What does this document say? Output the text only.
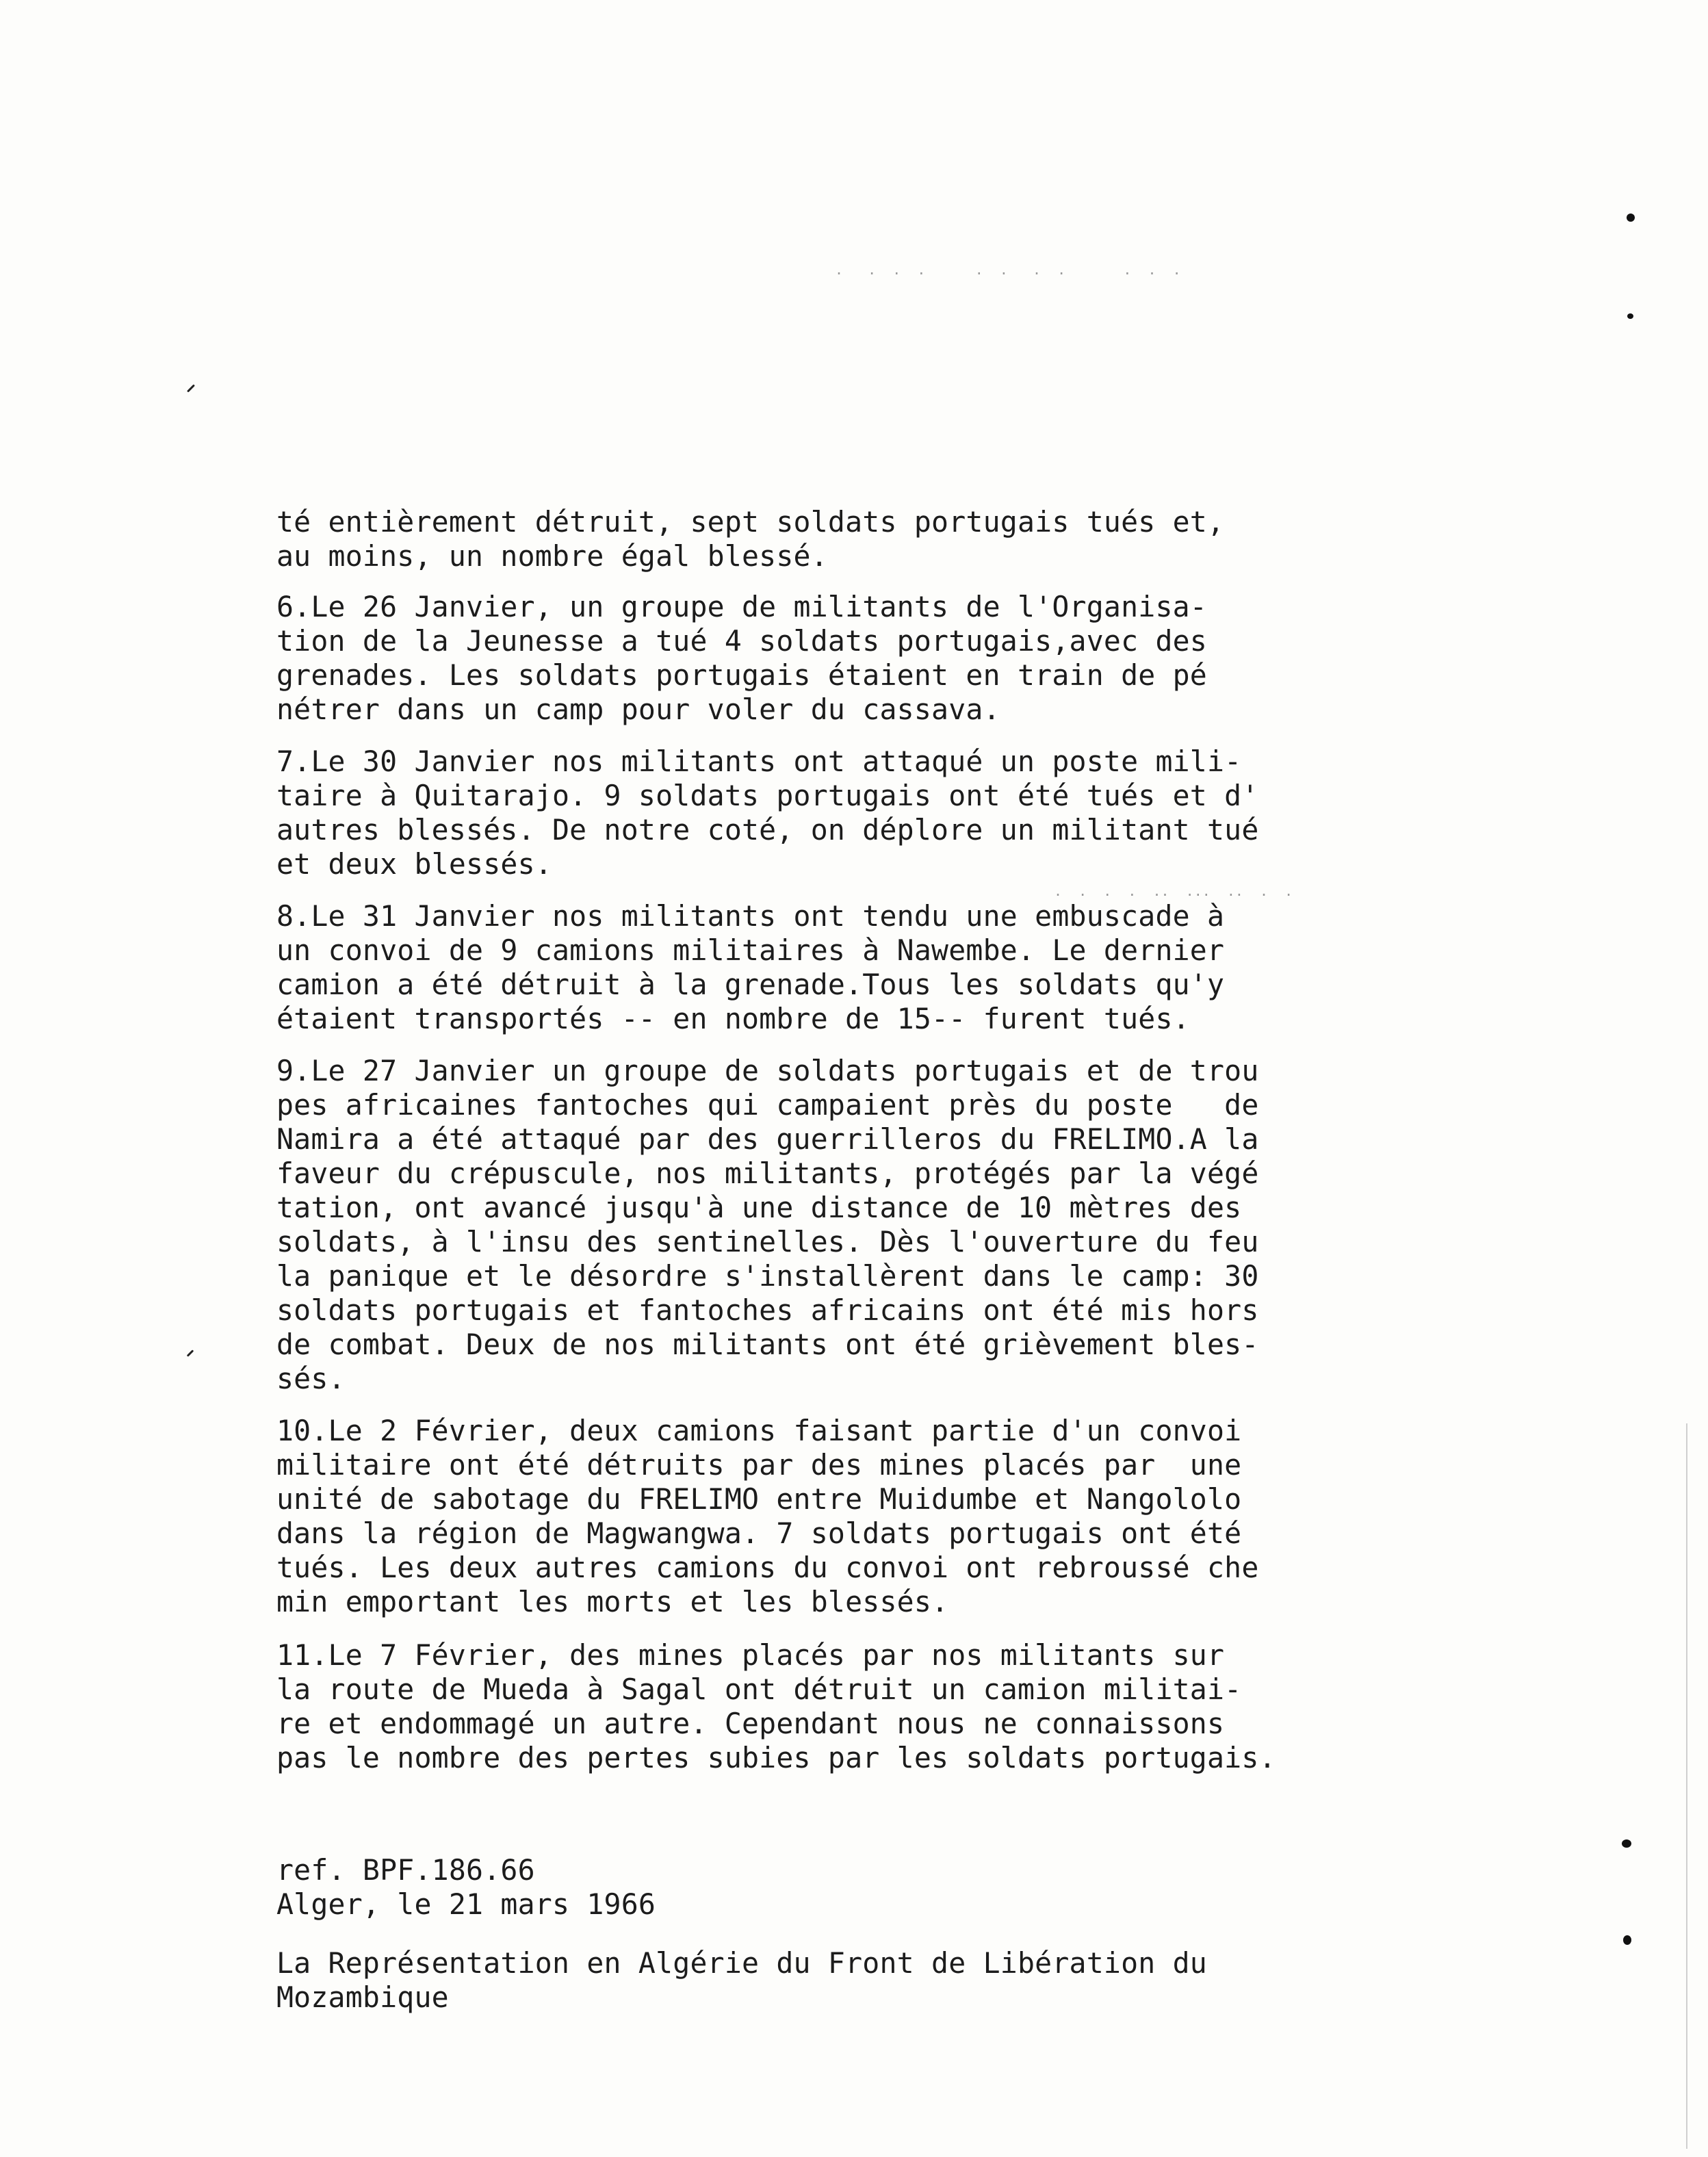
.   .  .  .      .  .   .  .       .  .  .
.  .  .  .  ..  ...  ..  .  .
té entièrement détruit, sept soldats portugais tués et,
au moins, un nombre égal blessé.
6.Le 26 Janvier, un groupe de militants de l'Organisa-
tion de la Jeunesse a tué 4 soldats portugais,avec des
grenades. Les soldats portugais étaient en train de pé
nétrer dans un camp pour voler du cassava.
7.Le 30 Janvier nos militants ont attaqué un poste mili-
taire à Quitarajo. 9 soldats portugais ont été tués et d'
autres blessés. De notre coté, on déplore un militant tué
et deux blessés.
8.Le 31 Janvier nos militants ont tendu une embuscade à
un convoi de 9 camions militaires à Nawembe. Le dernier
camion a été détruit à la grenade.Tous les soldats qu'y
étaient transportés -- en nombre de 15-- furent tués.
9.Le 27 Janvier un groupe de soldats portugais et de trou
pes africaines fantoches qui campaient près du poste   de
Namira a été attaqué par des guerrilleros du FRELIMO.A la
faveur du crépuscule, nos militants, protégés par la végé
tation, ont avancé jusqu'à une distance de 10 mètres des
soldats, à l'insu des sentinelles. Dès l'ouverture du feu
la panique et le désordre s'installèrent dans le camp: 30
soldats portugais et fantoches africains ont été mis hors
de combat. Deux de nos militants ont été grièvement bles-
sés.
10.Le 2 Février, deux camions faisant partie d'un convoi
militaire ont été détruits par des mines placés par  une
unité de sabotage du FRELIMO entre Muidumbe et Nangololo
dans la région de Magwangwa. 7 soldats portugais ont été
tués. Les deux autres camions du convoi ont rebroussé che
min emportant les morts et les blessés.
11.Le 7 Février, des mines placés par nos militants sur
la route de Mueda à Sagal ont détruit un camion militai-
re et endommagé un autre. Cependant nous ne connaissons
pas le nombre des pertes subies par les soldats portugais.
ref. BPF.186.66
Alger, le 21 mars 1966
La Représentation en Algérie du Front de Libération du
Mozambique
